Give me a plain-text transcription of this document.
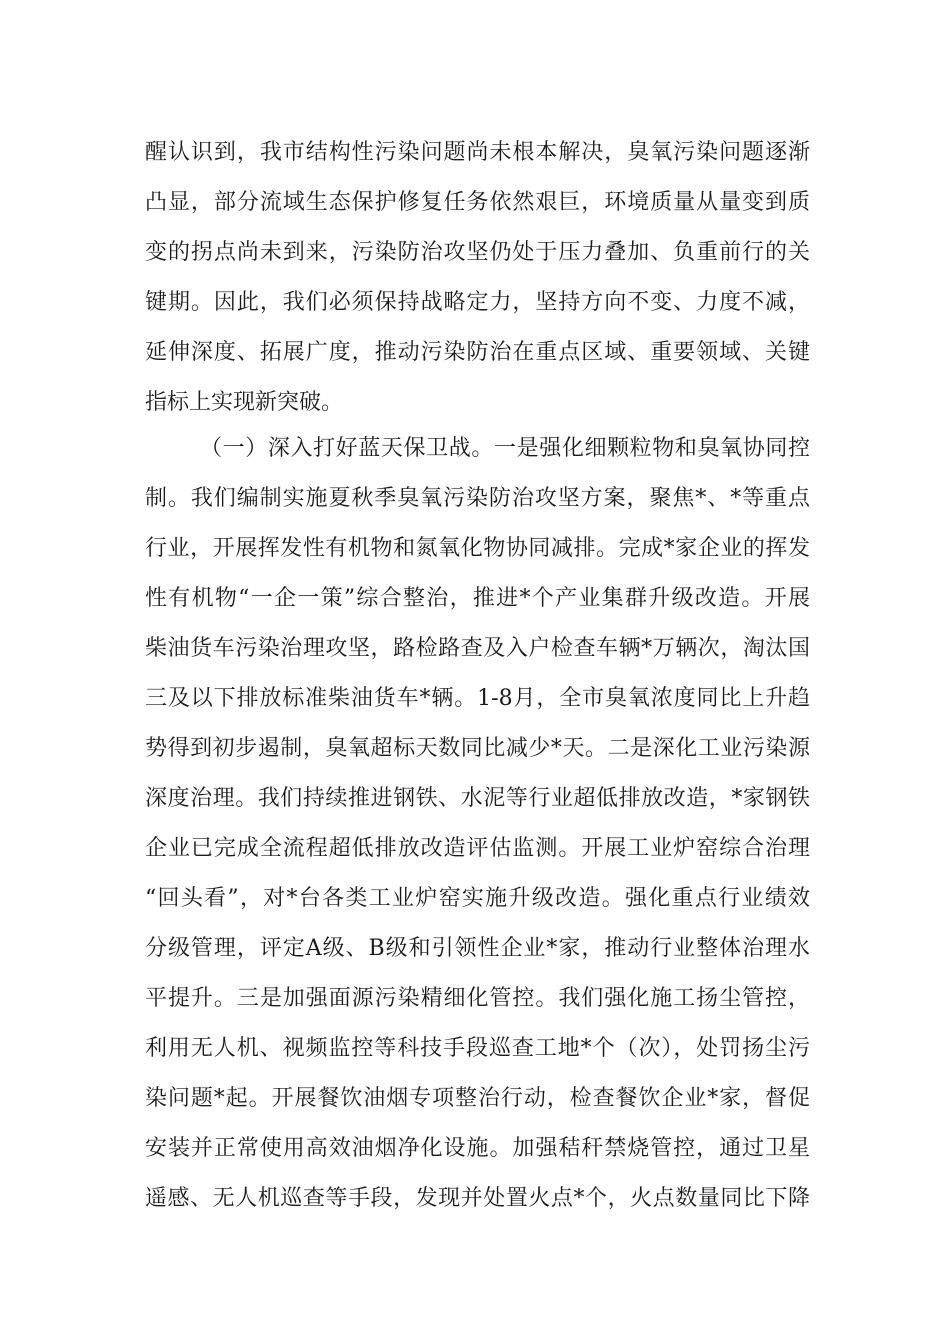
醒认识到，我市结构性污染问题尚未根本解决，臭氧污染问题逐渐
凸显，部分流域生态保护修复任务依然艰巨，环境质量从量变到质
变的拐点尚未到来，污染防治攻坚仍处于压力叠加、负重前行的关
键期。因此，我们必须保持战略定力，坚持方向不变、力度不减，
延伸深度、拓展广度，推动污染防治在重点区域、重要领域、关键
指标上实现新突破。
（一）深入打好蓝天保卫战。一是强化细颗粒物和臭氧协同控
制。我们编制实施夏秋季臭氧污染防治攻坚方案，聚焦*、*等重点
行业，开展挥发性有机物和氮氧化物协同减排。完成*家企业的挥发
性有机物“一企一策”综合整治，推进*个产业集群升级改造。开展
柴油货车污染治理攻坚，路检路查及入户检查车辆*万辆次，淘汰国
三及以下排放标准柴油货车*辆。1-8月，全市臭氧浓度同比上升趋
势得到初步遏制，臭氧超标天数同比减少*天。二是深化工业污染源
深度治理。我们持续推进钢铁、水泥等行业超低排放改造，*家钢铁
企业已完成全流程超低排放改造评估监测。开展工业炉窑综合治理
“回头看”，对*台各类工业炉窑实施升级改造。强化重点行业绩效
分级管理，评定A级、B级和引领性企业*家，推动行业整体治理水
平提升。三是加强面源污染精细化管控。我们强化施工扬尘管控，
利用无人机、视频监控等科技手段巡查工地*个（次），处罚扬尘污
染问题*起。开展餐饮油烟专项整治行动，检查餐饮企业*家，督促
安装并正常使用高效油烟净化设施。加强秸秆禁烧管控，通过卫星
遥感、无人机巡查等手段，发现并处置火点*个，火点数量同比下降
